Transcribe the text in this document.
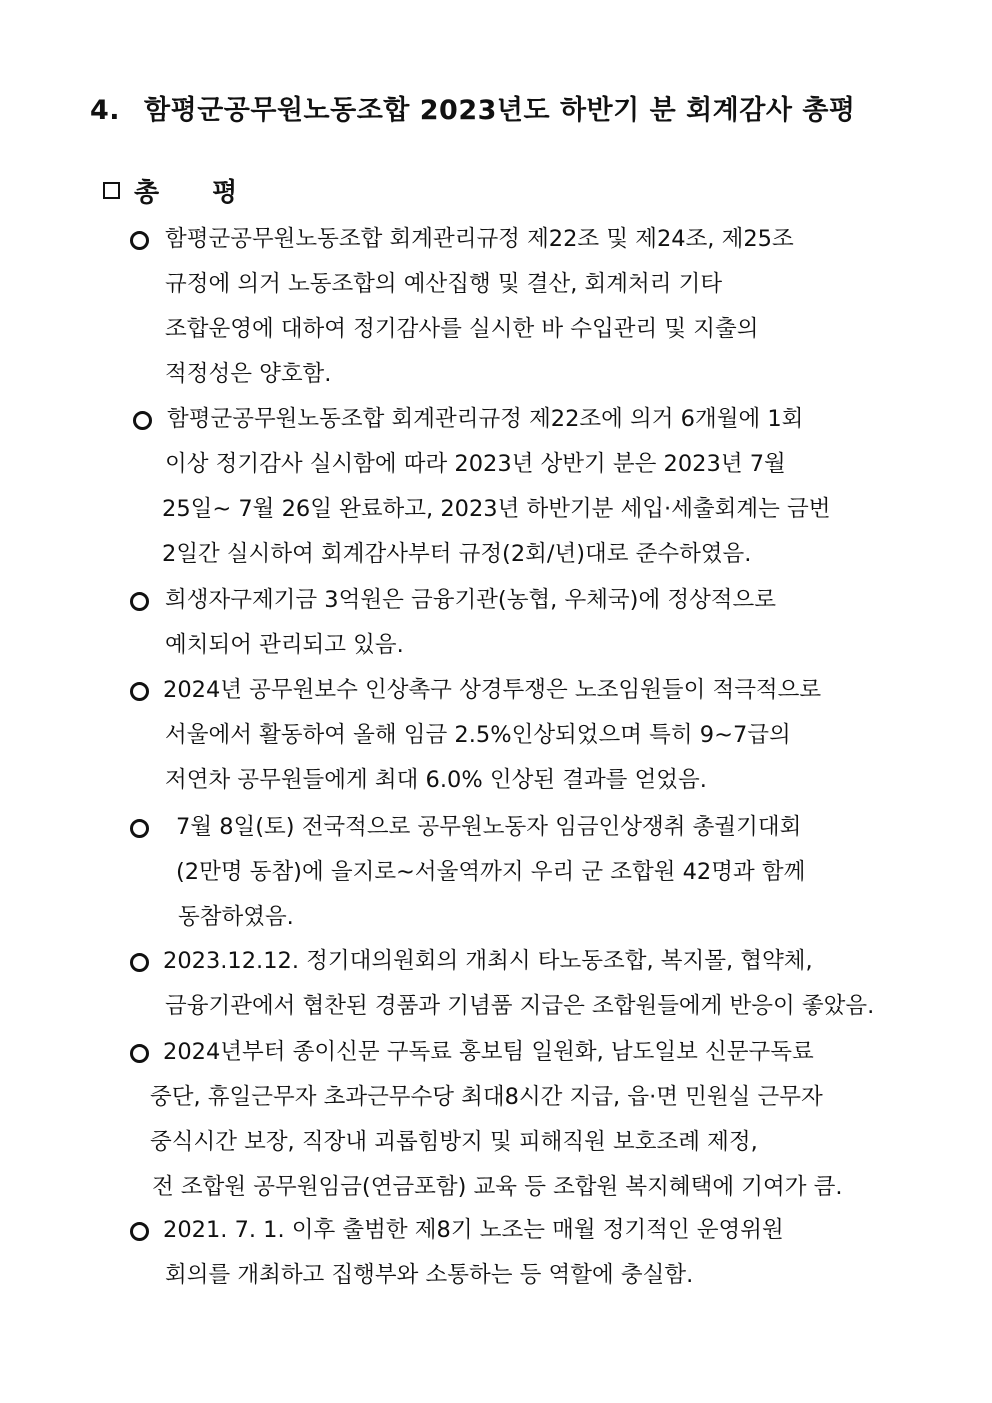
4. 함평군공무원노동조합 2023년도 하반기 분 회계감사 총평
총 평
함평군공무원노동조합 회계관리규정 제22조 및 제24조, 제25조
규정에 의거 노동조합의 예산집행 및 결산, 회계처리 기타
조합운영에 대하여 정기감사를 실시한 바 수입관리 및 지출의
적정성은 양호함.
함평군공무원노동조합 회계관리규정 제22조에 의거 6개월에 1회
이상 정기감사 실시함에 따라 2023년 상반기 분은 2023년 7월
25일~ 7월 26일 완료하고, 2023년 하반기분 세입·세출회계는 금번
2일간 실시하여 회계감사부터 규정(2회/년)대로 준수하였음.
희생자구제기금 3억원은 금융기관(농협, 우체국)에 정상적으로
예치되어 관리되고 있음.
2024년 공무원보수 인상촉구 상경투쟁은 노조임원들이 적극적으로
서울에서 활동하여 올해 임금 2.5%인상되었으며 특히 9~7급의
저연차 공무원들에게 최대 6.0% 인상된 결과를 얻었음.
7월 8일(토) 전국적으로 공무원노동자 임금인상쟁취 총궐기대회
(2만명 동참)에 을지로~서울역까지 우리 군 조합원 42명과 함께
동참하였음.
2023.12.12. 정기대의원회의 개최시 타노동조합, 복지몰, 협약체,
금융기관에서 협찬된 경품과 기념품 지급은 조합원들에게 반응이 좋았음.
2024년부터 종이신문 구독료 홍보팀 일원화, 남도일보 신문구독료
중단, 휴일근무자 초과근무수당 최대8시간 지급, 읍·면 민원실 근무자
중식시간 보장, 직장내 괴롭힘방지 및 피해직원 보호조례 제정,
전 조합원 공무원임금(연금포함) 교육 등 조합원 복지혜택에 기여가 큼.
2021. 7. 1. 이후 출범한 제8기 노조는 매월 정기적인 운영위원
회의를 개최하고 집행부와 소통하는 등 역할에 충실함.
